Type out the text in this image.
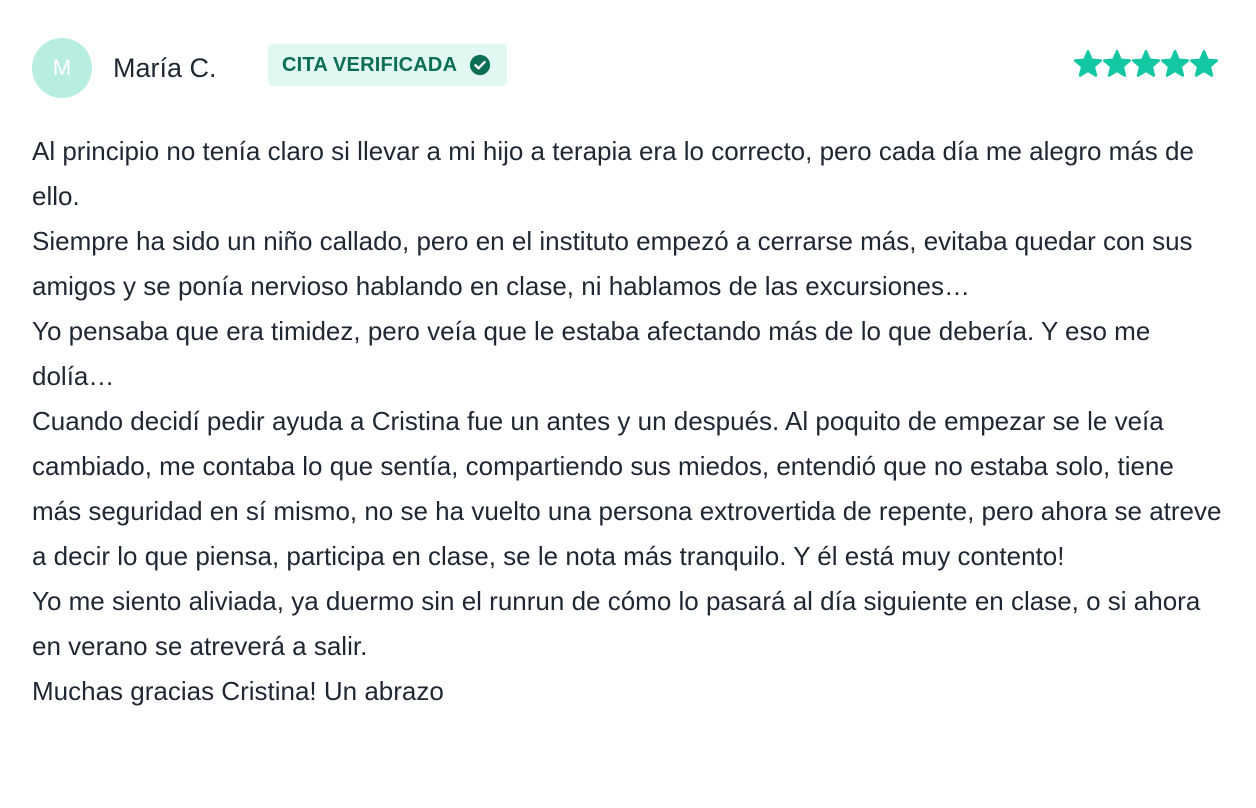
M María C.	CITA VERIFICADA

Al principio no tenía claro si llevar a mi hijo a terapia era lo correcto, pero cada día me alegro más de ello.

Siempre ha sido un niño callado, pero en el instituto empezó a cerrarse más, evitaba quedar con sus amigos y se ponía nervioso hablando en clase, ni hablamos de las excursiones…

Yo pensaba que era timidez, pero veía que le estaba afectando más de lo que debería. Y eso me dolía…

Cuando decidí pedir ayuda a Cristina fue un antes y un después. Al poquito de empezar se le veía cambiado, me contaba lo que sentía, compartiendo sus miedos, entendió que no estaba solo, tiene más seguridad en sí mismo, no se ha vuelto una persona extrovertida de repente, pero ahora se atreve a decir lo que piensa, participa en clase, se le nota más tranquilo. Y él está muy contento!

Yo me siento aliviada, ya duermo sin el runrun de cómo lo pasará al día siguiente en clase, o si ahora en verano se atreverá a salir.

Muchas gracias Cristina! Un abrazo
